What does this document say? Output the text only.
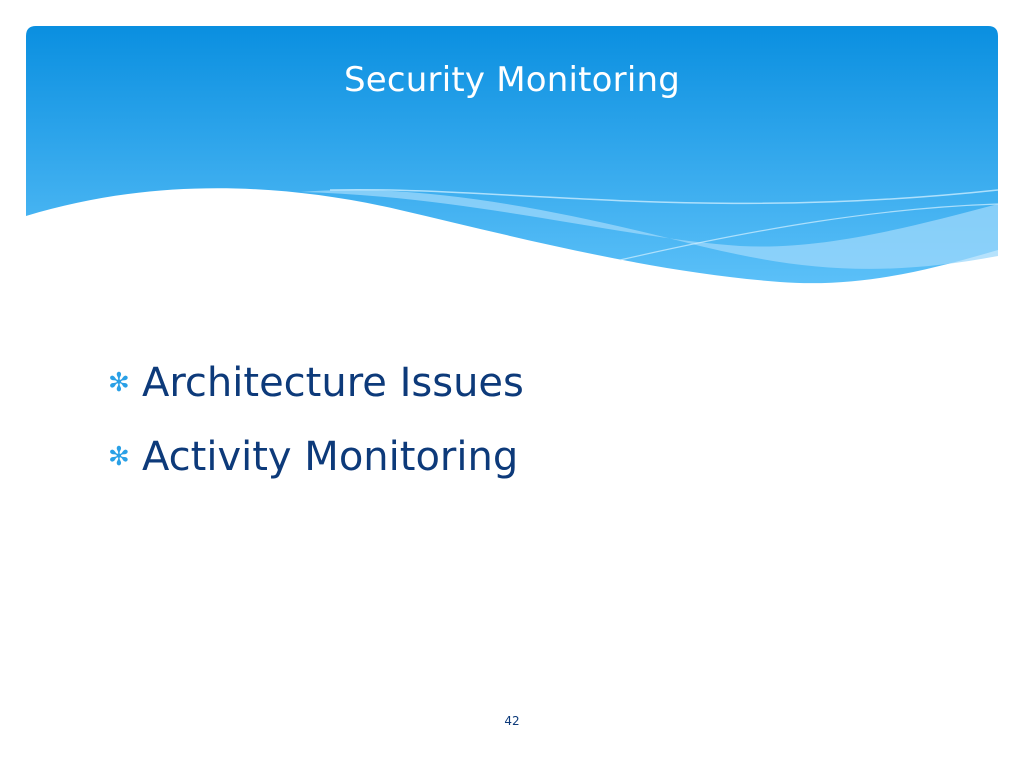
Security Monitoring
✻ Architecture Issues
✻ Activity Monitoring
42
